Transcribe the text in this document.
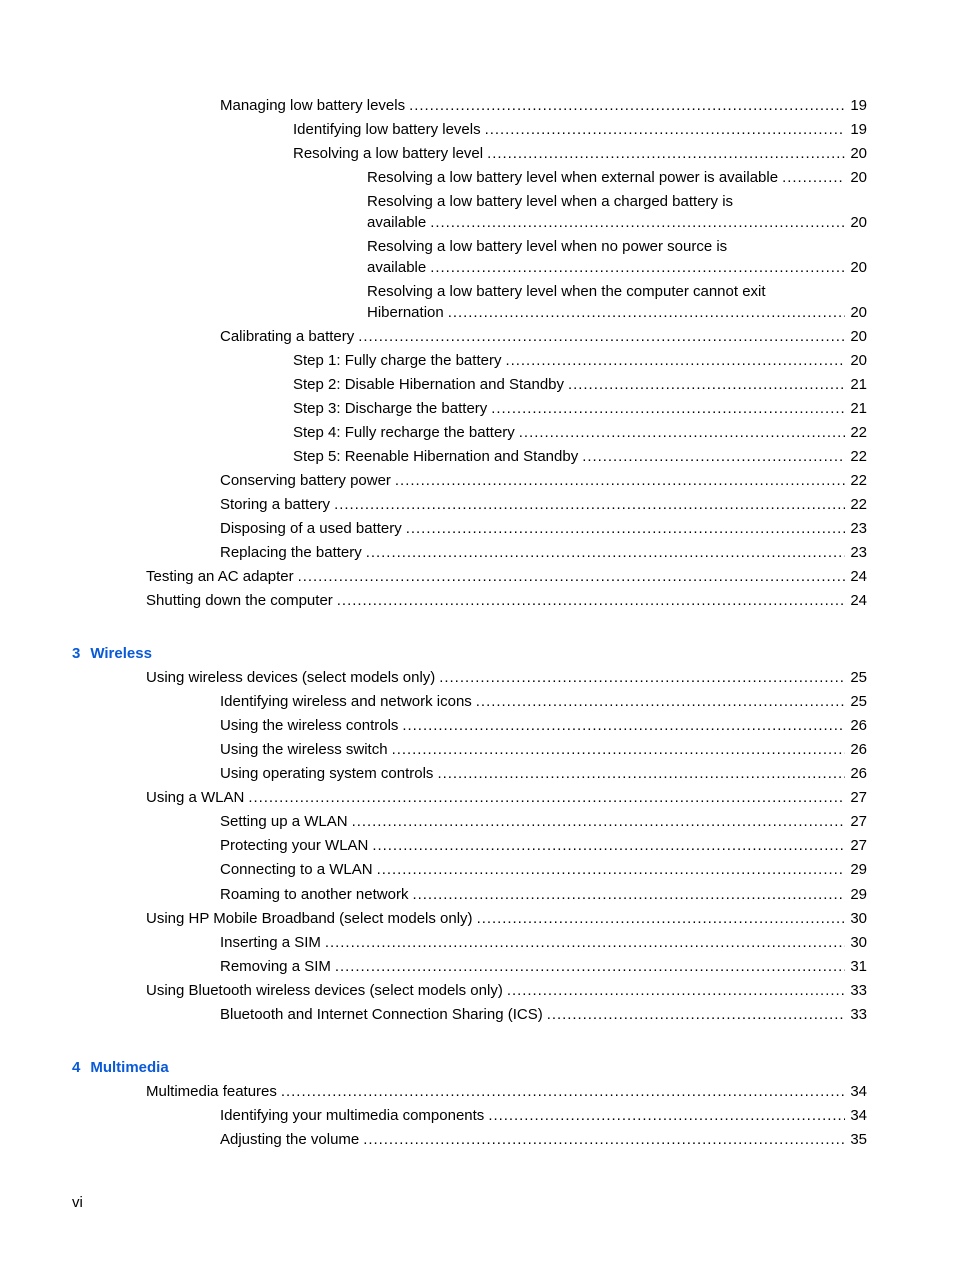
Managing low battery levels . . .	19
Identifying low battery levels . . .	19
Resolving a low battery level . . .	20
Resolving a low battery level when external power is available . . .	20
Resolving a low battery level when a charged battery is
available . . .	20
Resolving a low battery level when no power source is
available . . .	20
Resolving a low battery level when the computer cannot exit
Hibernation . . .	20
Calibrating a battery . . .	20
Step 1: Fully charge the battery . . .	20
Step 2: Disable Hibernation and Standby . . .	21
Step 3: Discharge the battery . . .	21
Step 4: Fully recharge the battery . . .	22
Step 5: Reenable Hibernation and Standby . . .	22
Conserving battery power . . .	22
Storing a battery . . .	22
Disposing of a used battery . . .	23
Replacing the battery . . .	23
Testing an AC adapter . . .	24
Shutting down the computer . . .	24
3 Wireless
Using wireless devices (select models only) . . .	25
Identifying wireless and network icons . . .	25
Using the wireless controls . . .	26
Using the wireless switch . . .	26
Using operating system controls . . .	26
Using a WLAN . . .	27
Setting up a WLAN . . .	27
Protecting your WLAN . . .	27
Connecting to a WLAN . . .	29
Roaming to another network . . .	29
Using HP Mobile Broadband (select models only) . . .	30
Inserting a SIM . . .	30
Removing a SIM . . .	31
Using Bluetooth wireless devices (select models only) . . .	33
Bluetooth and Internet Connection Sharing (ICS) . . .	33
4 Multimedia
Multimedia features . . .	34
Identifying your multimedia components . . .	34
Adjusting the volume . . .	35
vi
